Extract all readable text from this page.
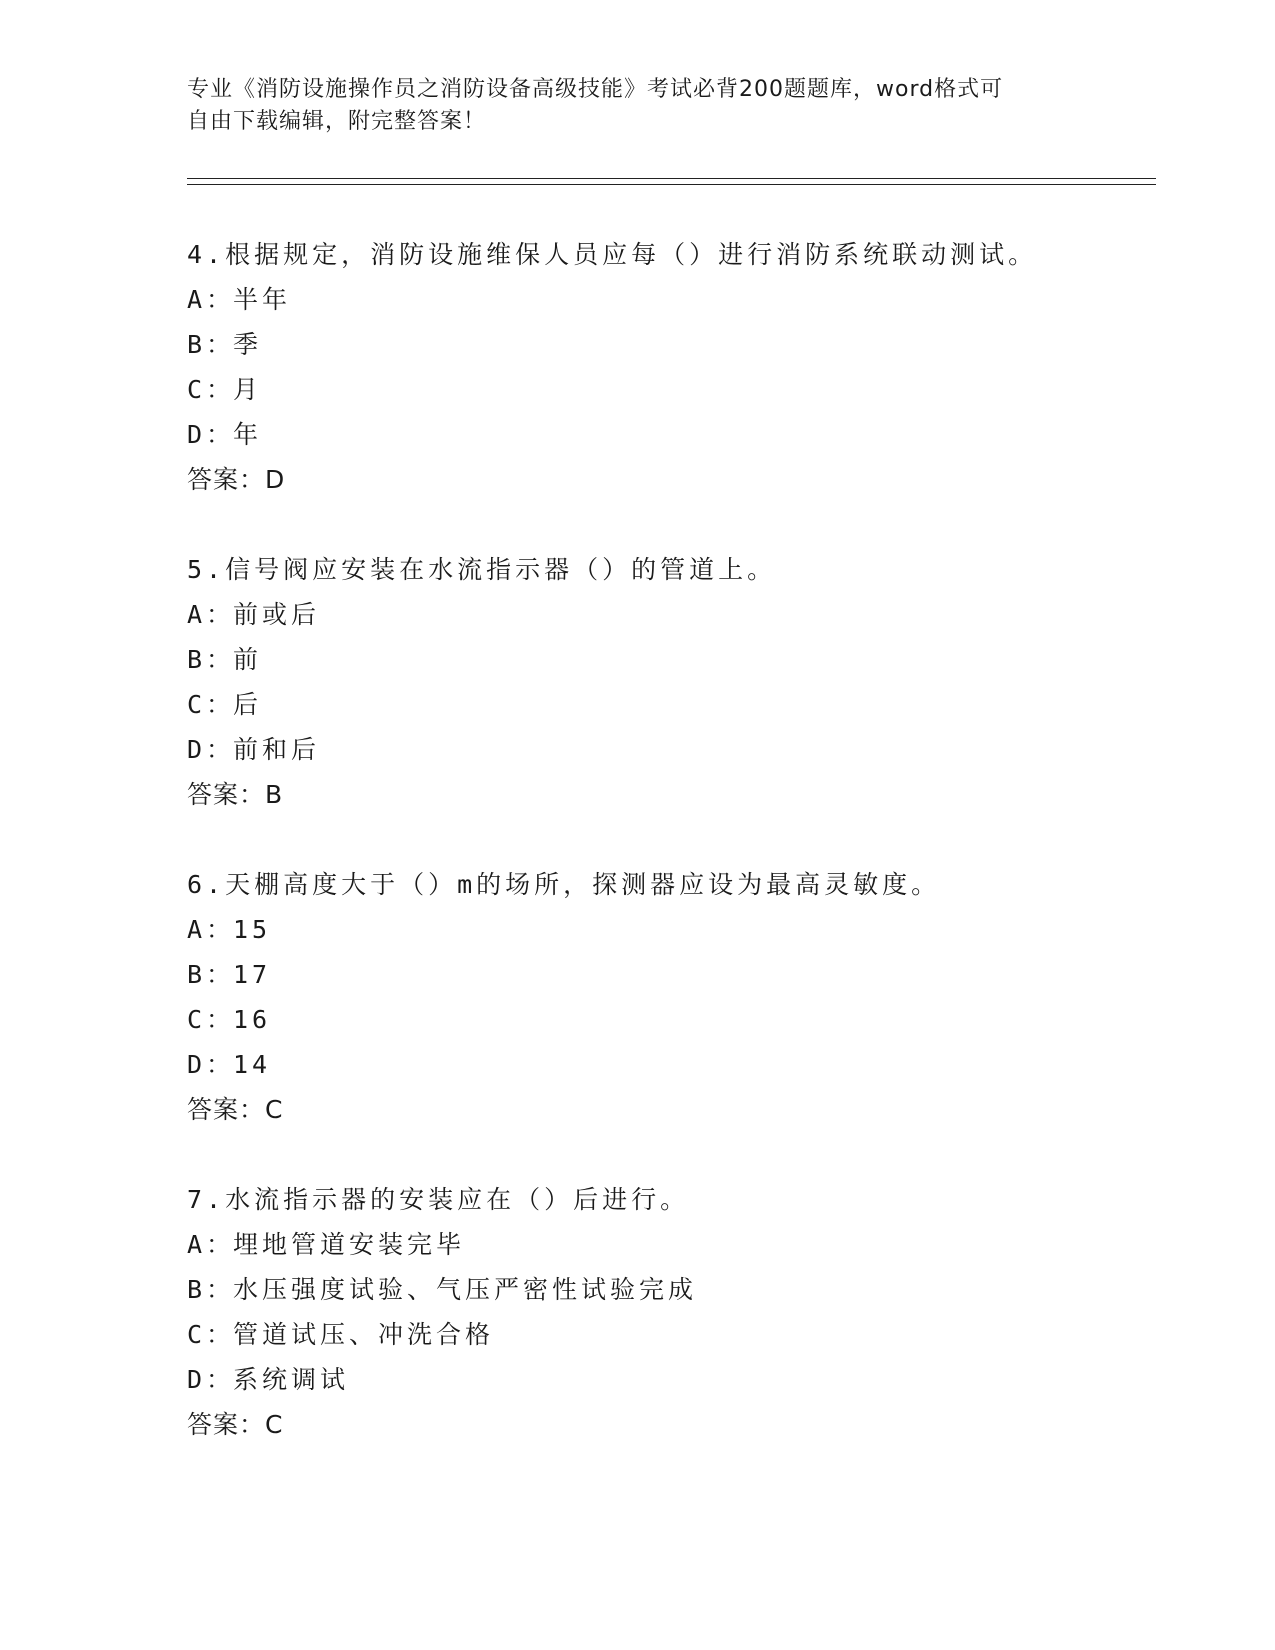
专业《消防设施操作员之消防设备高级技能》考试必背200题题库，word格式可
自由下载编辑，附完整答案！
4.根据规定，消防设施维保人员应每（）进行消防系统联动测试。
A：半年
B：季
C：月
D：年
答案：D
5.信号阀应安装在水流指示器（）的管道上。
A：前或后
B：前
C：后
D：前和后
答案：B
6.天棚高度大于（）m的场所，探测器应设为最高灵敏度。
A：15
B：17
C：16
D：14
答案：C
7.水流指示器的安装应在（）后进行。
A：埋地管道安装完毕
B：水压强度试验、气压严密性试验完成
C：管道试压、冲洗合格
D：系统调试
答案：C
